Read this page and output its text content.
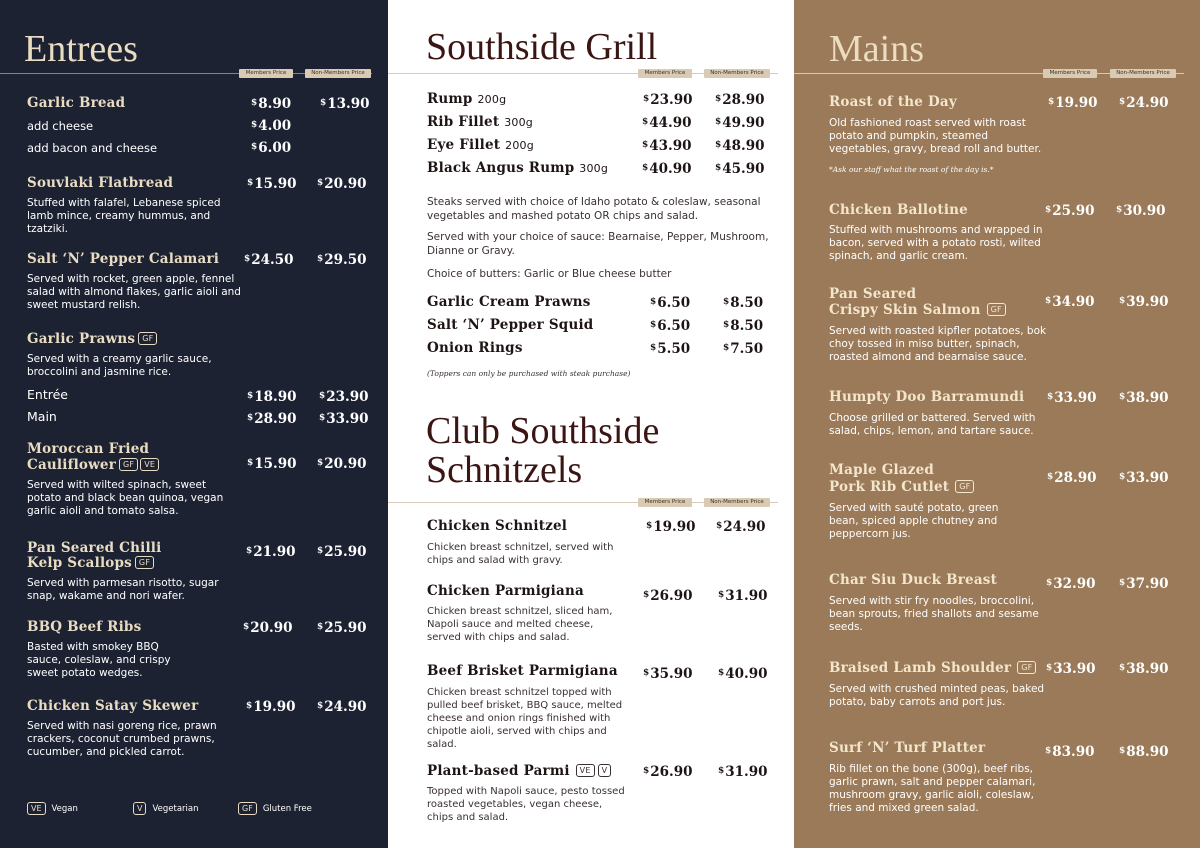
Entrees
Members Price	Non-Members Price
Garlic Bread	$8.90	$13.90
add cheese	$4.00
add bacon and cheese	$6.00
Souvlaki Flatbread	$15.90 $20.90
Stuffed with falafel, Lebanese spiced lamb mince, creamy hummus, and tzatziki.
Salt ‘N’ Pepper Calamari	$24.50	$29.50
Served with rocket, green apple, fennel salad with almond flakes, garlic aioli and sweet mustard relish.
Garlic Prawns GF
Served with a creamy garlic sauce, broccolini and jasmine rice.
Entrée	$18.90 $23.90
Main	$28.90 $33.90
Moroccan Fried
Cauliflower GF VE	$15.90 $20.90
Served with wilted spinach, sweet potato and black bean quinoa, vegan garlic aioli and tomato salsa.
Pan Seared Chilli
Kelp Scallops GF
$21.90 $25.90
Served with parmesan risotto, sugar snap, wakame and nori wafer.
BBQ Beef Ribs	$20.90	$25.90
Basted with smokey BBQ sauce, coleslaw, and crispy sweet potato wedges.
Chicken Satay Skewer	$19.90 $24.90
Served with nasi goreng rice, prawn crackers, coconut crumbed prawns, cucumber, and pickled carrot.
VE Vegan	V Vegetarian	GF Gluten Free
Southside Grill
Members Price	Non-Members Price
Rump 200g	$23.90 $28.90
Rib Fillet 300g	$44.90	$49.90
Eye Fillet 200g	$43.90	$48.90
Black Angus Rump 300g	$40.90	$45.90
Steaks served with choice of Idaho potato & coleslaw, seasonal vegetables and mashed potato OR chips and salad.
Served with your choice of sauce: Bearnaise, Pepper, Mushroom, Dianne or Gravy.
Choice of butters: Garlic or Blue cheese butter
Garlic Cream Prawns	$6.50	$8.50
Salt ‘N’ Pepper Squid	$6.50	$8.50
Onion Rings	$5.50	$7.50
(Toppers can only be purchased with steak purchase)
Club Southside
Schnitzels
Members Price	Non-Members Price
Chicken Schnitzel	$19.90 $24.90
Chicken breast schnitzel, served with chips and salad with gravy.
Chicken Parmigiana	$26.90	$31.90
Chicken breast schnitzel, sliced ham, Napoli sauce and melted cheese, served with chips and salad.
Beef Brisket Parmigiana	$35.90	$40.90
Chicken breast schnitzel topped with pulled beef brisket, BBQ sauce, melted cheese and onion rings finished with chipotle aioli, served with chips and salad.
Plant-based Parmi VE V	$26.90	$31.90
Topped with Napoli sauce, pesto tossed roasted vegetables, vegan cheese, chips and salad.
Mains
Members Price	Non-Members Price
Roast of the Day	$19.90 $24.90
Old fashioned roast served with roast potato and pumpkin, steamed vegetables, gravy, bread roll and butter.
*Ask our staff what the roast of the day is.*
Chicken Ballotine	$25.90 $30.90
Stuffed with mushrooms and wrapped in bacon, served with a potato rosti, wilted spinach, and garlic cream.
Pan Seared
Crispy Skin Salmon GF
$34.90	$39.90
Served with roasted kipfler potatoes, bok choy tossed in miso butter, spinach, roasted almond and bearnaise sauce.
Humpty Doo Barramundi	$33.90 $38.90
Choose grilled or battered. Served with salad, chips, lemon, and tartare sauce.
Maple Glazed
Pork Rib Cutlet GF
$28.90 $33.90
Served with sauté potato, green bean, spiced apple chutney and peppercorn jus.
Char Siu Duck Breast	$32.90	$37.90
Served with stir fry noodles, broccolini, bean sprouts, fried shallots and sesame seeds.
Braised Lamb Shoulder GF	$33.90	$38.90
Served with crushed minted peas, baked potato, baby carrots and port jus.
Surf ‘N’ Turf Platter	$83.90	$88.90
Rib fillet on the bone (300g), beef ribs, garlic prawn, salt and pepper calamari, mushroom gravy, garlic aioli, coleslaw, fries and mixed green salad.
